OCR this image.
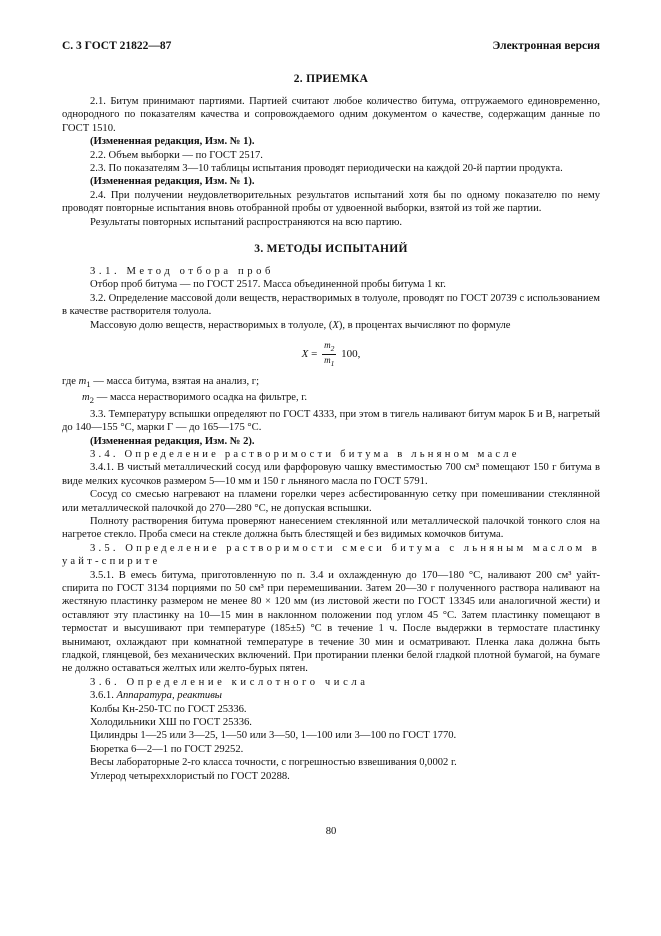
С. 3 ГОСТ 21822—87	Электронная версия
2. ПРИЕМКА

2.1. Битум принимают партиями. Партией считают любое количество битума, отгружаемого единовременно, однородного по показателям качества и сопровождаемого одним документом о качестве, содержащим данные по ГОСТ 1510.

(Измененная редакция, Изм. № 1).

2.2. Объем выборки — по ГОСТ 2517.

2.3. По показателям 3—10 таблицы испытания проводят периодически на каждой 20-й партии продукта.

(Измененная редакция, Изм. № 1).

2.4. При получении неудовлетворительных результатов испытаний хотя бы по одному показателю по нему проводят повторные испытания вновь отобранной пробы от удвоенной выборки, взятой из той же партии.

Результаты повторных испытаний распространяются на всю партию.

3. МЕТОДЫ ИСПЫТАНИЙ

3.1. Метод отбора проб

Отбор проб битума — по ГОСТ 2517. Масса объединенной пробы битума 1 кг.

3.2. Определение массовой доли веществ, нерастворимых в толуоле, проводят по ГОСТ 20739 с использованием в качестве растворителя толуола.

Массовую долю веществ, нерастворимых в толуоле, (X), в процентах вычисляют по формуле

$X = \frac{m_2}{m_1} 100$,

где $m_1$ — масса битума, взятая на анализ, г;

$m_2$ — масса нерастворимого осадка на фильтре, г.

3.3. Температуру вспышки определяют по ГОСТ 4333, при этом в тигель наливают битум марок Б и В, нагретый до 140—155 °С, марки Г — до 165—175 °С.

(Измененная редакция, Изм. № 2).

3.4. Определение растворимости битума в льняном масле

3.4.1. В чистый металлический сосуд или фарфоровую чашку вместимостью 700 см³ помещают 150 г битума в виде мелких кусочков размером 5—10 мм и 150 г льняного масла по ГОСТ 5791.

Сосуд со смесью нагревают на пламени горелки через асбестированную сетку при помешивании стеклянной или металлической палочкой до 270—280 °С, не допуская вспышки.

Полноту растворения битума проверяют нанесением стеклянной или металлической палочкой тонкого слоя на нагретое стекло. Проба смеси на стекле должна быть блестящей и без видимых комочков битума.

3.5. Определение растворимости смеси битума с льняным маслом в уайт-спирите

3.5.1. В емесь битума, приготовленную по п. 3.4 и охлажденную до 170—180 °С, наливают 200 см³ уайт-спирита по ГОСТ 3134 порциями по 50 см³ при перемешивании. Затем 20—30 г полученного раствора наливают на жестяную пластинку размером не менее 80 × 120 мм (из листовой жести по ГОСТ 13345 или аналогичной жести) и оставляют эту пластинку на 10—15 мин в наклонном положении под углом 45 °С. Затем пластинку помещают в термостат и высушивают при температуре (185±5) °С в течение 1 ч. После выдержки в термостате пластинку вынимают, охлаждают при комнатной температуре в течение 30 мин и осматривают. Пленка лака должна быть гладкой, глянцевой, без механических включений. При протирании пленки белой гладкой плотной бумагой, на бумаге не должно оставаться желтых или желто-бурых пятен.

3.6. Определение кислотного числа

3.6.1. Аппаратура, реактивы

Колбы Кн-250-ТС по ГОСТ 25336.

Холодильники ХШ по ГОСТ 25336.

Цилиндры 1—25 или 3—25, 1—50 или 3—50, 1—100 или 3—100 по ГОСТ 1770.

Бюретка 6—2—1 по ГОСТ 29252.

Весы лабораторные 2-го класса точности, с погрешностью взвешивания 0,0002 г.

Углерод четыреххлористый по ГОСТ 20288.

80
